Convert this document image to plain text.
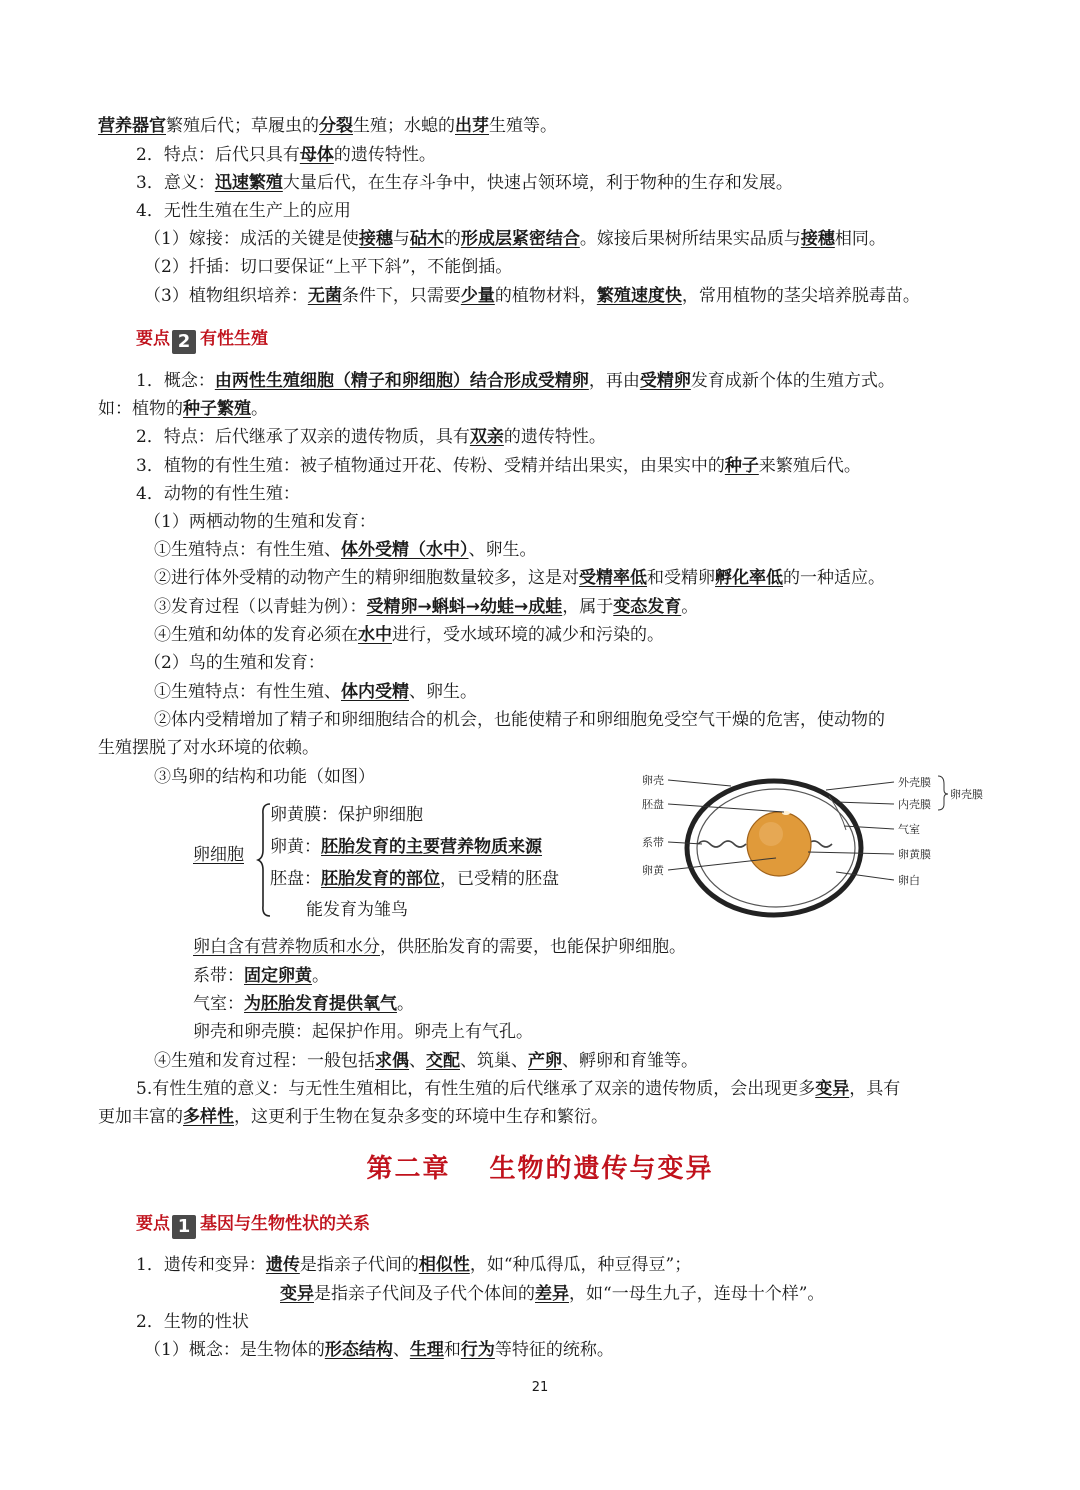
营养器官繁殖后代；草履虫的分裂生殖；水螅的出芽生殖等。
2．特点：后代只具有母体的遗传特性。
3．意义：迅速繁殖大量后代，在生存斗争中，快速占领环境，利于物种的生存和发展。
4．无性生殖在生产上的应用
（1）嫁接：成活的关键是使接穗与砧木的形成层紧密结合。嫁接后果树所结果实品质与接穗相同。
（2）扦插：切口要保证“上平下斜”，不能倒插。
（3）植物组织培养：无菌条件下，只需要少量的植物材料，繁殖速度快，常用植物的茎尖培养脱毒苗。
要点 2 有性生殖
1．概念：由两性生殖细胞（精子和卵细胞）结合形成受精卵，再由受精卵发育成新个体的生殖方式。
如：植物的种子繁殖。
2．特点：后代继承了双亲的遗传物质，具有双亲的遗传特性。
3．植物的有性生殖：被子植物通过开花、传粉、受精并结出果实，由果实中的种子来繁殖后代。
4．动物的有性生殖：
（1）两栖动物的生殖和发育：
①生殖特点：有性生殖、体外受精（水中）、卵生。
②进行体外受精的动物产生的精卵细胞数量较多，这是对受精率低和受精卵孵化率低的一种适应。
③发育过程（以青蛙为例）：受精卵→蝌蚪→幼蛙→成蛙，属于变态发育。
④生殖和幼体的发育必须在水中进行，受水域环境的减少和污染的。
（2）鸟的生殖和发育：
①生殖特点：有性生殖、体内受精、卵生。
②体内受精增加了精子和卵细胞结合的机会，也能使精子和卵细胞免受空气干燥的危害，使动物的
生殖摆脱了对水环境的依赖。
③鸟卵的结构和功能（如图）
卵细胞
卵黄膜：保护卵细胞
卵黄：胚胎发育的主要营养物质来源
胚盘：胚胎发育的部位，已受精的胚盘
能发育为雏鸟
卵壳
胚盘
系带
卵黄
外壳膜
内壳膜
卵壳膜
气室
卵黄膜
卵白
卵白含有营养物质和水分，供胚胎发育的需要，也能保护卵细胞。
系带：固定卵黄。
气室：为胚胎发育提供氧气。
卵壳和卵壳膜：起保护作用。卵壳上有气孔。
④生殖和发育过程：一般包括求偶、交配、筑巢、产卵、孵卵和育雏等。
5.有性生殖的意义：与无性生殖相比，有性生殖的后代继承了双亲的遗传物质，会出现更多变异，具有
更加丰富的多样性，这更利于生物在复杂多变的环境中生存和繁衍。
第二章　 生物的遗传与变异
要点 1 基因与生物性状的关系
1．遗传和变异：遗传是指亲子代间的相似性，如“种瓜得瓜，种豆得豆”；
变异是指亲子代间及子代个体间的差异，如“一母生九子，连母十个样”。
2．生物的性状
（1）概念：是生物体的形态结构、生理和行为等特征的统称。
21
